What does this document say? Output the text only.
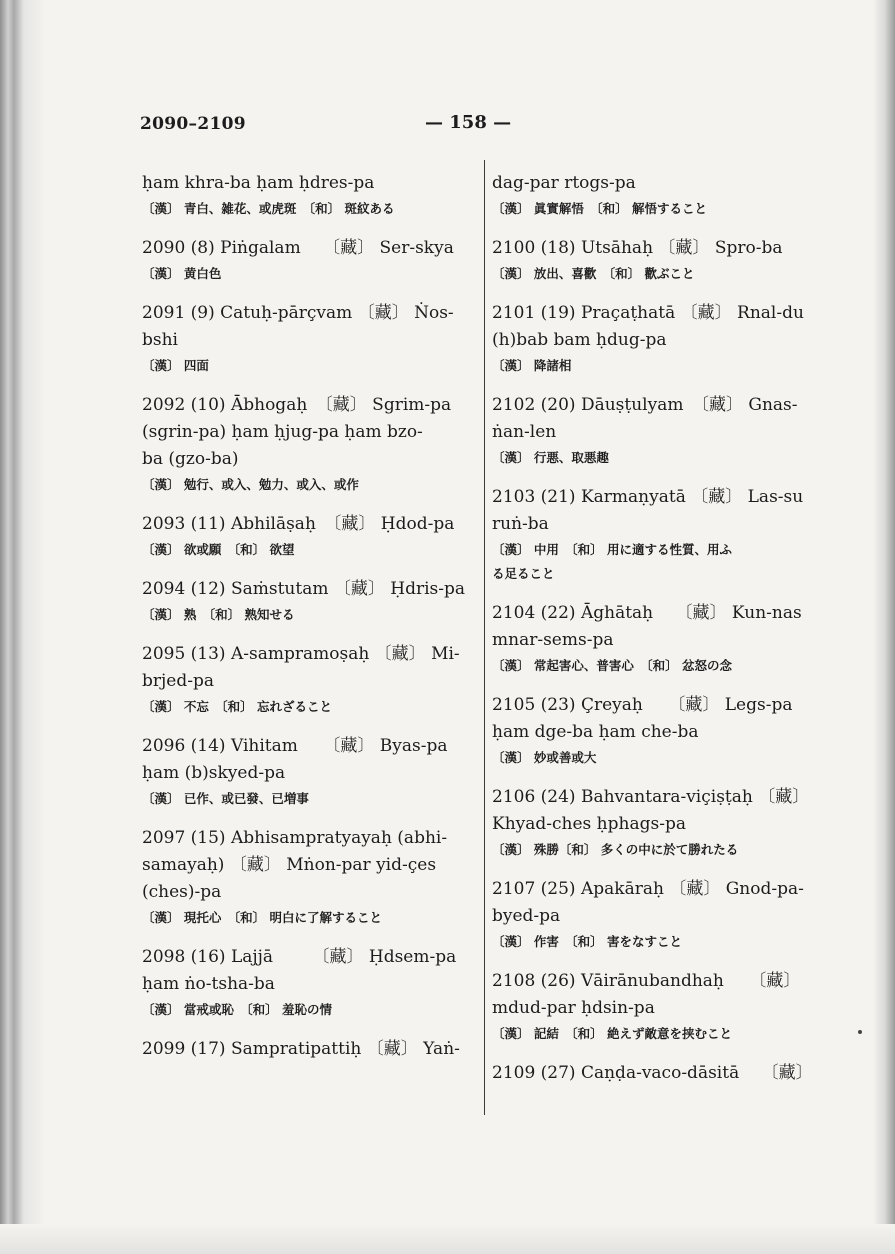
2090–2109	— 158 —
ḥam khra-ba ḥam ḥdres-pa
〔漢〕 青白、雑花、或虎斑　〔和〕 斑紋ある
2090 (8) Piṅgalam　 〔藏〕 Ser-skya
〔漢〕 黄白色
2091 (9) Catuḥ-pārçvam 〔藏〕 Ṅos-
bshi
〔漢〕 四面
2092 (10) Ābhogaḥ　〔藏〕 Sgrim-pa
(sgrin-pa) ḥam ḥjug-pa ḥam bzo-
ba (gzo-ba)
〔漢〕 勉行、或入、勉力、或入、或作
2093 (11) Abhilāṣaḥ　〔藏〕 Ḥdod-pa
〔漢〕 欲或願　〔和〕 欲望
2094 (12) Saṁstutam 〔藏〕 Ḥdris-pa
〔漢〕 熟　〔和〕 熟知せる
2095 (13) A-sampramoṣaḥ 〔藏〕 Mi-
brjed-pa
〔漢〕 不忘　〔和〕 忘れざること
2096 (14) Vihitam　　〔藏〕 Byas-pa
ḥam (b)skyed-pa
〔漢〕 已作、或已發、已増事
2097 (15) Abhisampratyayaḥ (abhi-
samayaḥ) 〔藏〕 Mṅon-par yid-çes
(ches)-pa
〔漢〕 現托心　〔和〕 明白に了解すること
2098 (16) Lajjā　　 〔藏〕 Ḥdsem-pa
ḥam ṅo-tsha-ba
〔漢〕 當戒或恥　〔和〕 羞恥の情
2099 (17) Sampratipattiḥ 〔藏〕 Yaṅ-
dag-par rtogs-pa
〔漢〕 眞實解悟　〔和〕 解悟すること
2100 (18) Utsāhaḥ 〔藏〕 Spro-ba
〔漢〕 放出、喜歡　〔和〕 歡ぶこと
2101 (19) Praçaṭhatā 〔藏〕 Rnal-du
(h)bab bam ḥdug-pa
〔漢〕 降諸相
2102 (20) Dāuṣṭulyam　〔藏〕 Gnas-
ṅan-len
〔漢〕 行悪、取悪趣
2103 (21) Karmaṇyatā 〔藏〕 Las-su
ruṅ-ba
〔漢〕 中用　〔和〕 用に適する性質、用ふ
る足ること
2104 (22) Āghātaḥ　 〔藏〕 Kun-nas
mnar-sems-pa
〔漢〕 常起害心、普害心　〔和〕 忿怒の念
2105 (23) Çreyaḥ　　〔藏〕 Legs-pa
ḥam dge-ba ḥam che-ba
〔漢〕 妙或善或大
2106 (24) Bahvantara-viçiṣṭaḥ 〔藏〕
Khyad-ches ḥphags-pa
〔漢〕 殊勝〔和〕 多くの中に於て勝れたる
2107 (25) Apakāraḥ 〔藏〕 Gnod-pa-
byed-pa
〔漢〕 作害　〔和〕 害をなすこと
2108 (26) Vāirānubandhaḥ　　〔藏〕
mdud-par ḥdsin-pa
〔漢〕 記結　〔和〕 絶えず敵意を挟むこと
2109 (27) Caṇḍa-vaco-dāsitā　 〔藏〕
